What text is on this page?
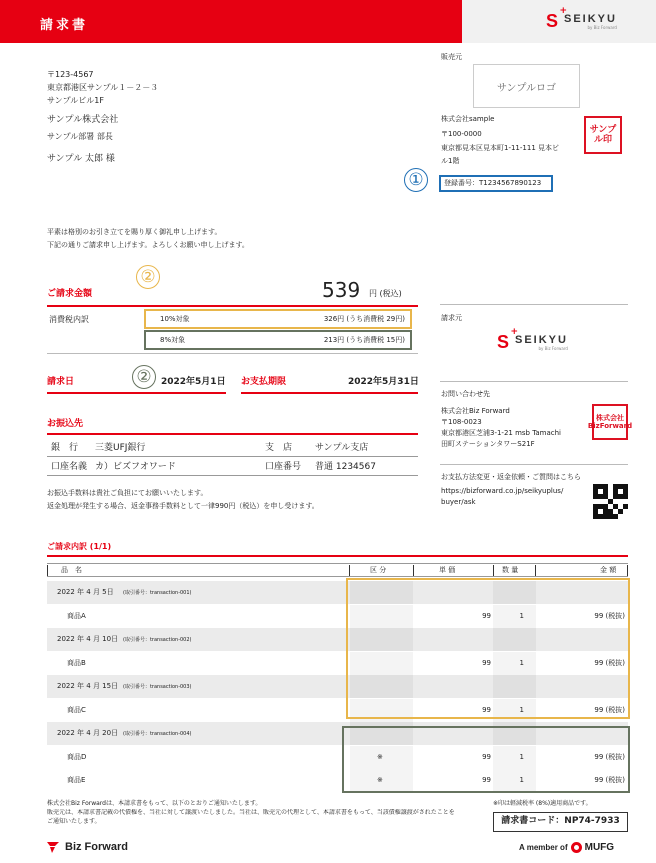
請求書	S +
SEIKYU
by Biz Forward
〒123-4567
東京都港区サンプル１－２－３
サンプルビル1F
サンプル株式会社
サンプル部署 部長
サンプル 太郎 様
販売元
サンプルロゴ
株式会社sample
〒100-0000
東京都見本区見本町1-11-111 見本ビ
ル1階
サンプル印
登録番号：T1234567890123
①
平素は格別のお引き立てを賜り厚く御礼申し上げます。
下記の通りご請求申し上げます。よろしくお願い申し上げます。
②
ご請求金額	539 円 (税込)
消費税内訳	10%対象	326円 (うち消費税 29円)
8%対象	213円 (うち消費税 15円)
②
請求日	2022年5月1日 お支払期限	2022年5月31日
お振込先
銀　行	三菱UFJ銀行	支　店	サンプル支店
口座名義	カ）ビズフオワード	口座番号	普通 1234567
お振込手数料は貴社ご負担にてお願いいたします。
返金処理が発生する場合、返金事務手数料として一律990円（税込）を申し受けます。
請求元
S +
SEIKYU
by Biz Forward
お問い合わせ先
株式会社Biz Forward
〒108-0023
東京都港区芝浦3-1-21 msb Tamachi
田町ステーションタワーS21F
株式会社BizForward
お支払方法変更・返金依頼・ご質問はこちら
https://bizforward.co.jp/seikyuplus/
buyer/ask
ご請求内訳 (1/1)
品　名	区 分	単 価	数 量	金 額
2022 年 4 月 5日 (取引番号：transaction-001)
商品A	99	1	99 (税抜)
2022 年 4 月 10日 (取引番号：transaction-002)
商品B	99	1	99 (税抜)
2022 年 4 月 15日 (取引番号：transaction-003)
商品C	99	1	99 (税抜)
2022 年 4 月 20日 (取引番号：transaction-004)
商品D	※	99	1	99 (税抜)
商品E	※	99	1	99 (税抜)
株式会社Biz Forwardは、本請求書をもって、以下のとおりご通知いたします。
販売元は、本請求書記載の代債権を、当社に対して譲渡いたしました。当社は、販売元の代理として、本請求書をもって、当該債権譲渡がされたことを
ご通知いたします。
※印は軽減税率 (8%)適用商品です。
請求書コード：NP74-7933
Biz Forward	A member of MUFG
